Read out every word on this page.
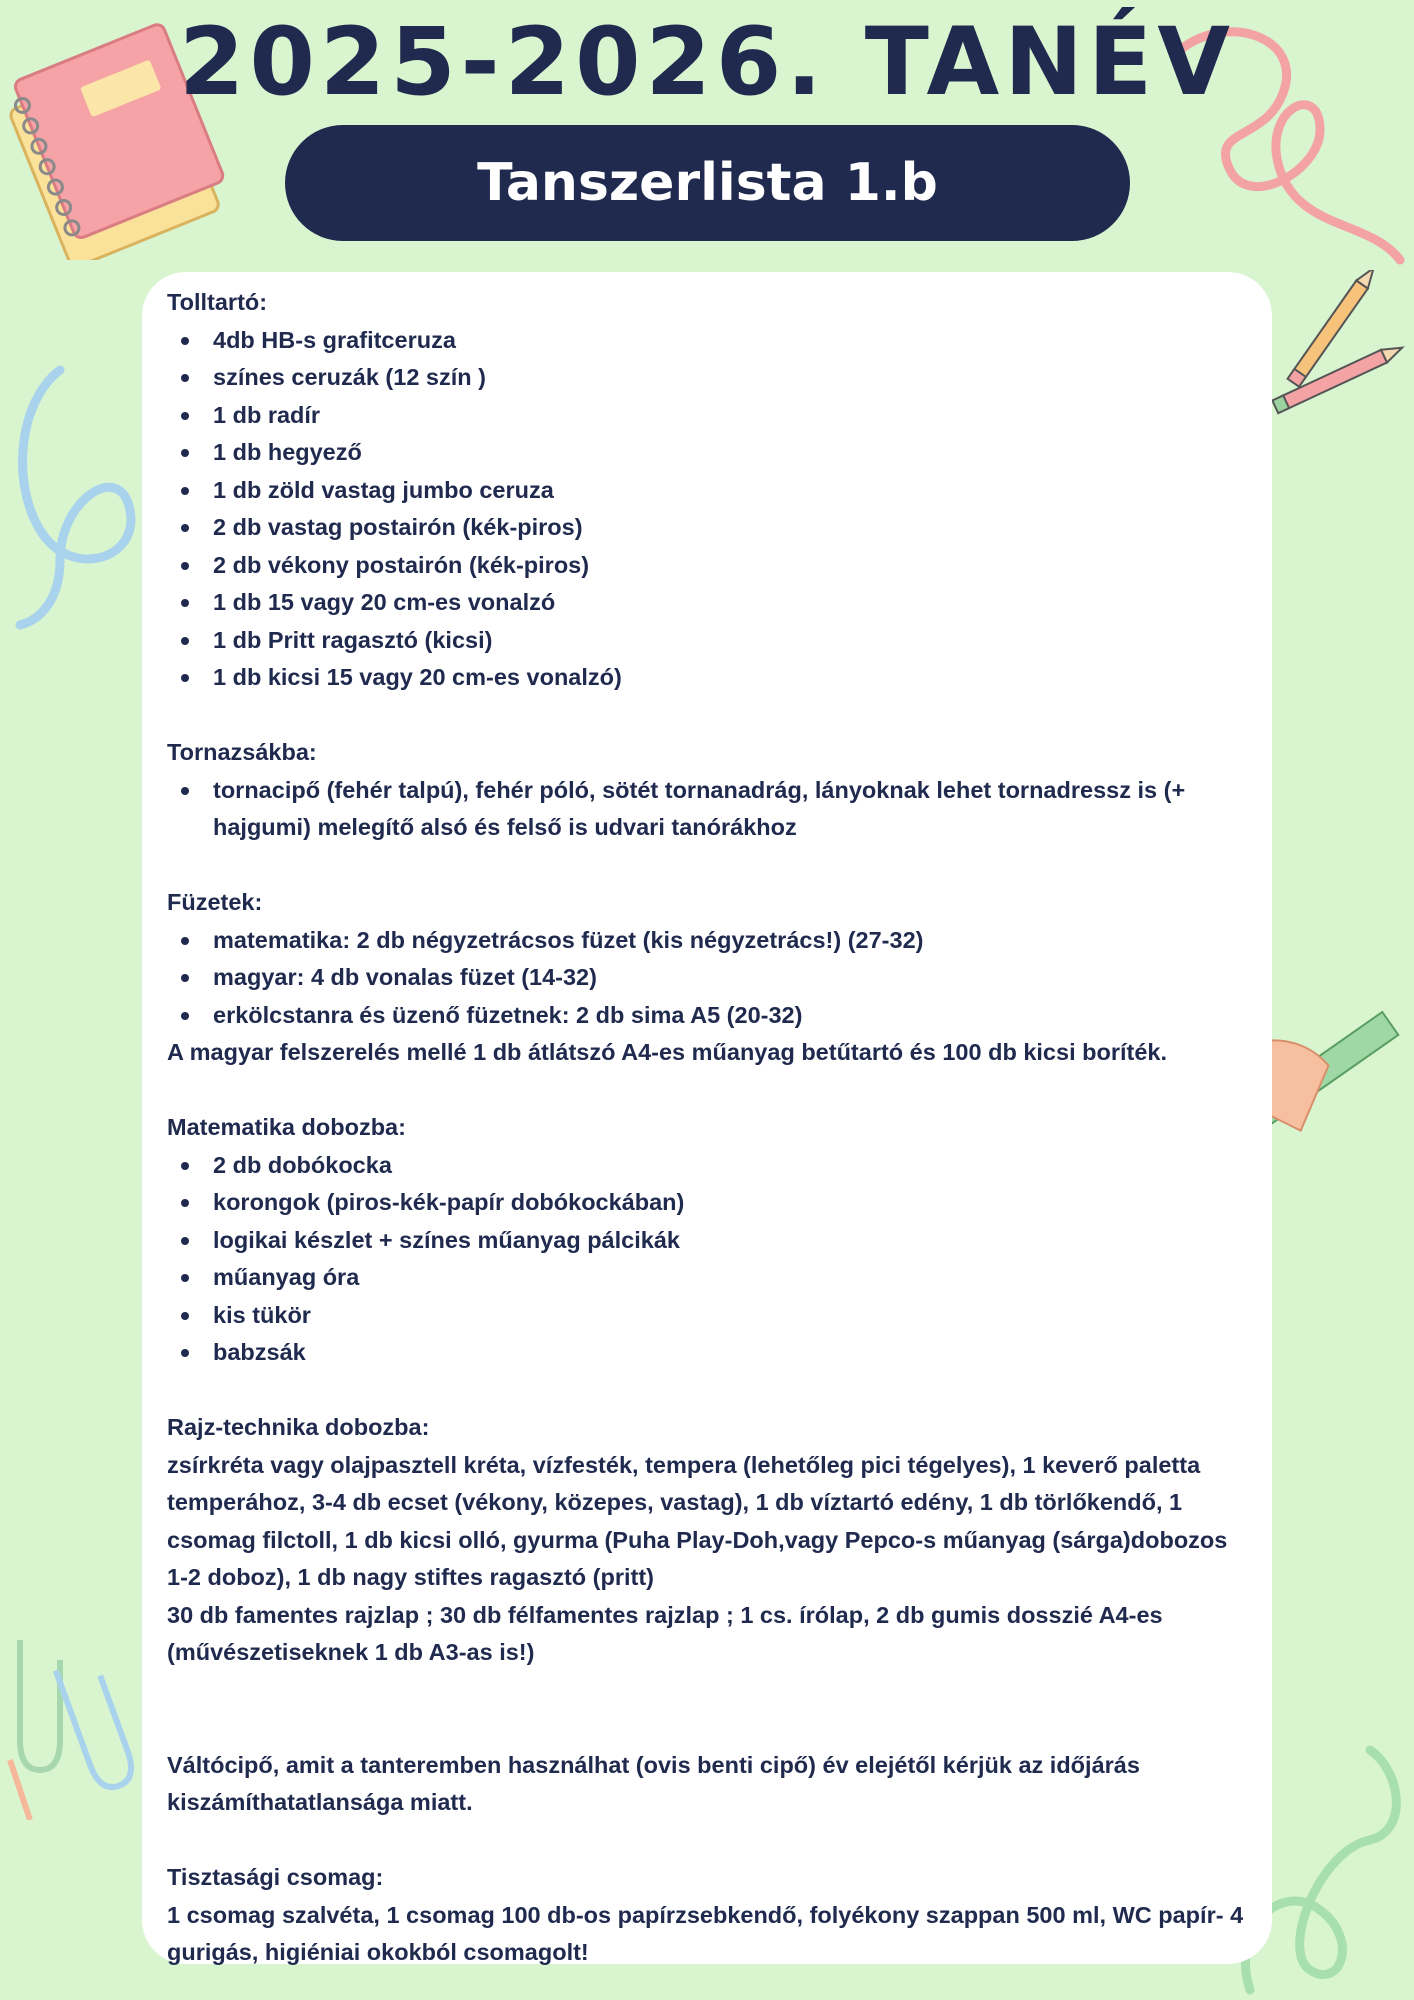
2025-2026. TANÉV
Tanszerlista 1.b
Tolltartó:
4db HB-s grafitceruza
színes ceruzák (12 szín )
1 db radír
1 db hegyező
1 db zöld vastag jumbo ceruza
2 db vastag postairón (kék-piros)
2 db vékony postairón (kék-piros)
1 db 15 vagy 20 cm-es vonalzó
1 db Pritt ragasztó (kicsi)
1 db kicsi 15 vagy 20 cm-es vonalzó)
Tornazsákba:
tornacipő (fehér talpú), fehér póló, sötét tornanadrág, lányoknak lehet tornadressz is (+ hajgumi) melegítő alsó és felső is udvari tanórákhoz
Füzetek:
matematika: 2 db négyzetrácsos füzet (kis négyzetrács!) (27-32)
magyar: 4 db vonalas füzet (14-32)
erkölcstanra és üzenő füzetnek: 2 db sima A5 (20-32)
A magyar felszerelés mellé 1 db átlátszó A4-es műanyag betűtartó és 100 db kicsi boríték.
Matematika dobozba:
2 db dobókocka
korongok (piros-kék-papír dobókockában)
logikai készlet + színes műanyag pálcikák
műanyag óra
kis tükör
babzsák
Rajz-technika dobozba:
zsírkréta vagy olajpasztell kréta, vízfesték, tempera (lehetőleg pici tégelyes), 1 keverő paletta temperához, 3-4 db ecset (vékony, közepes, vastag), 1 db víztartó edény, 1 db törlőkendő, 1 csomag filctoll, 1 db kicsi olló, gyurma (Puha Play-Doh,vagy Pepco-s műanyag (sárga)dobozos 1-2 doboz), 1 db nagy stiftes ragasztó (pritt)
30 db famentes rajzlap ; 30 db félfamentes rajzlap ; 1 cs. írólap, 2 db gumis dosszié A4-es (művészetiseknek 1 db A3-as is!)
Váltócipő, amit a tanteremben használhat (ovis benti cipő) év elejétől kérjük az időjárás kiszámíthatatlansága miatt.
Tisztasági csomag:
1 csomag szalvéta, 1 csomag 100 db-os papírzsebkendő, folyékony szappan 500 ml, WC papír- 4 gurigás, higiéniai okokból csomagolt!
